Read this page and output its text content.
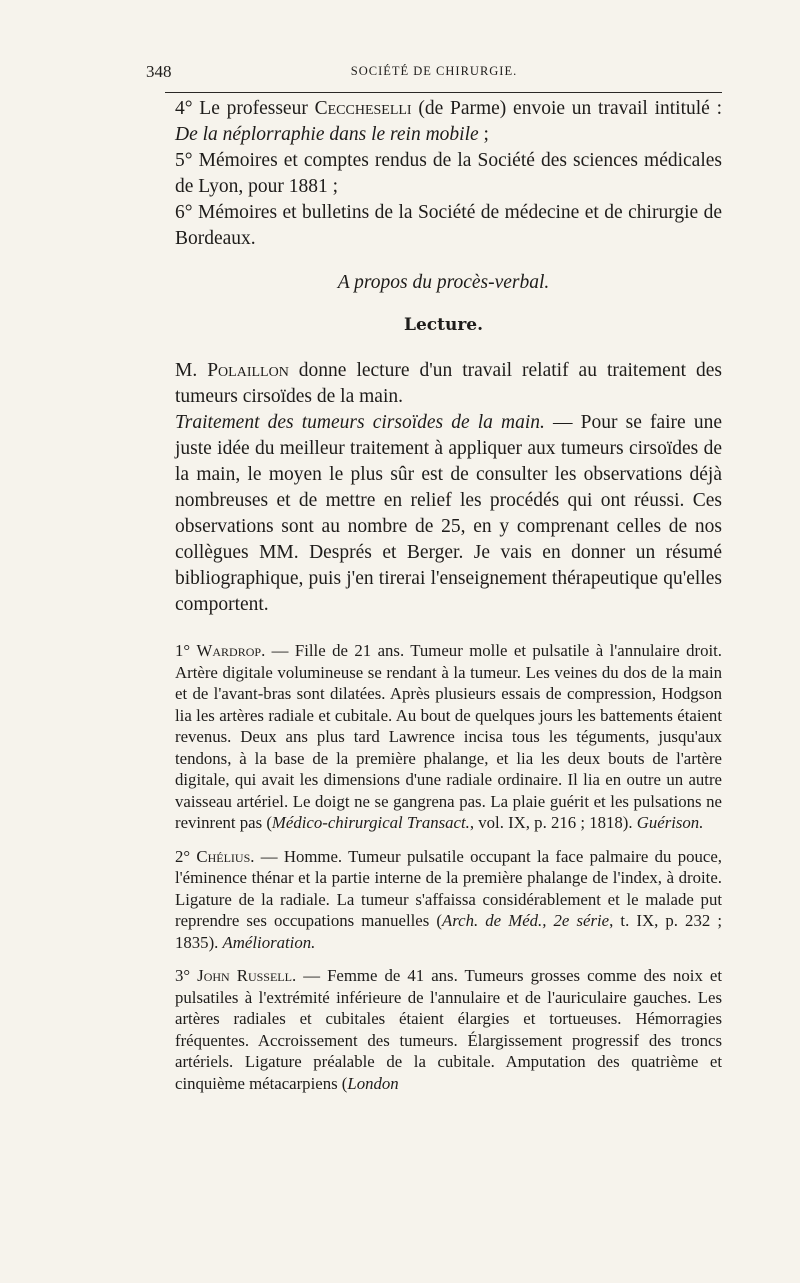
348	SOCIÉTÉ DE CHIRURGIE.

4° Le professeur Ceccheselli (de Parme) envoie un travail intitulé : De la néplorraphie dans le rein mobile ;

5° Mémoires et comptes rendus de la Société des sciences médicales de Lyon, pour 1881 ;

6° Mémoires et bulletins de la Société de médecine et de chirurgie de Bordeaux.

A propos du procès-verbal.

Lecture.

M. Polaillon donne lecture d'un travail relatif au traitement des tumeurs cirsoïdes de la main.

Traitement des tumeurs cirsoïdes de la main. — Pour se faire une juste idée du meilleur traitement à appliquer aux tumeurs cirsoïdes de la main, le moyen le plus sûr est de consulter les observations déjà nombreuses et de mettre en relief les procédés qui ont réussi. Ces observations sont au nombre de 25, en y comprenant celles de nos collègues MM. Després et Berger. Je vais en donner un résumé bibliographique, puis j'en tirerai l'enseignement thérapeutique qu'elles comportent.

1° Wardrop. — Fille de 21 ans. Tumeur molle et pulsatile à l'annulaire droit. Artère digitale volumineuse se rendant à la tumeur. Les veines du dos de la main et de l'avant-bras sont dilatées. Après plusieurs essais de compression, Hodgson lia les artères radiale et cubitale. Au bout de quelques jours les battements étaient revenus. Deux ans plus tard Lawrence incisa tous les téguments, jusqu'aux tendons, à la base de la première phalange, et lia les deux bouts de l'artère digitale, qui avait les dimensions d'une radiale ordinaire. Il lia en outre un autre vaisseau artériel. Le doigt ne se gangrena pas. La plaie guérit et les pulsations ne revinrent pas (Médico-chirurgical Transact., vol. IX, p. 216 ; 1818). Guérison.

2° Chélius. — Homme. Tumeur pulsatile occupant la face palmaire du pouce, l'éminence thénar et la partie interne de la première phalange de l'index, à droite. Ligature de la radiale. La tumeur s'affaissa considérablement et le malade put reprendre ses occupations manuelles (Arch. de Méd., 2e série, t. IX, p. 232 ; 1835). Amélioration.

3° John Russell. — Femme de 41 ans. Tumeurs grosses comme des noix et pulsatiles à l'extrémité inférieure de l'annulaire et de l'auriculaire gauches. Les artères radiales et cubitales étaient élargies et tortueuses. Hémorragies fréquentes. Accroissement des tumeurs. Élargissement progressif des troncs artériels. Ligature préalable de la cubitale. Amputation des quatrième et cinquième métacarpiens (London
